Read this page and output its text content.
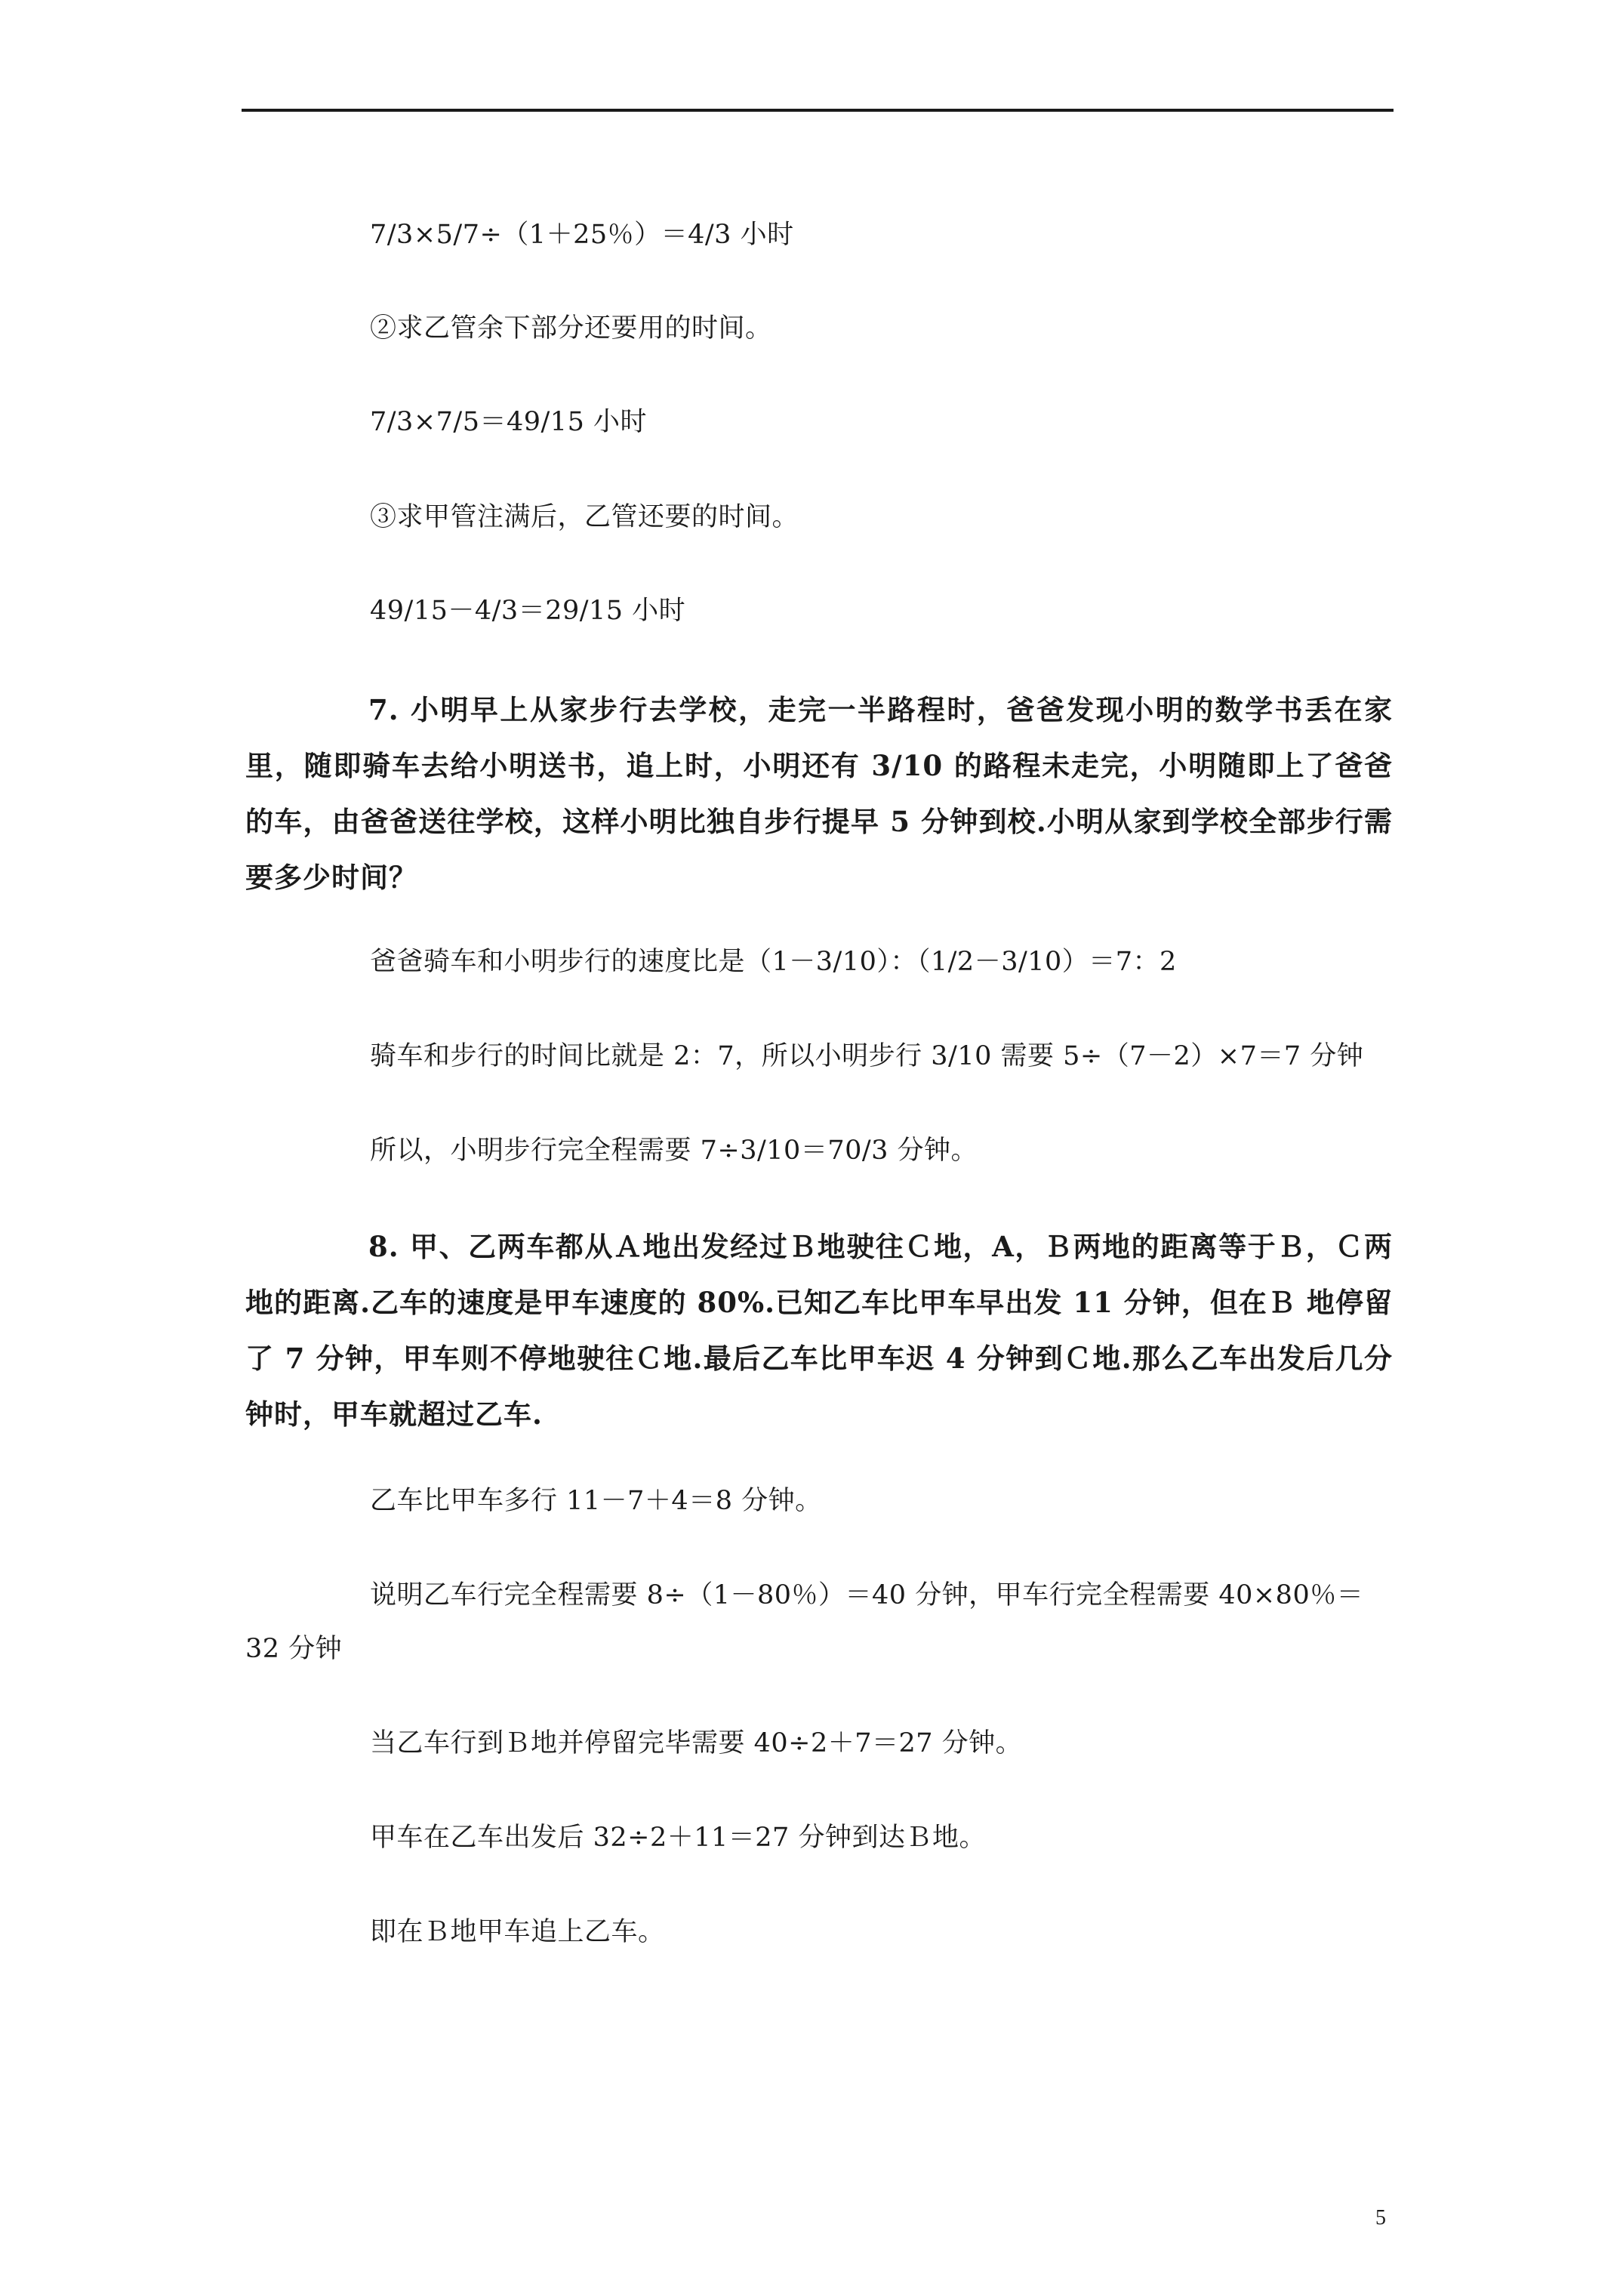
7/3×5/7÷（1＋25％）＝4/3 小时
②求乙管余下部分还要用的时间。
7/3×7/5＝49/15 小时
③求甲管注满后，乙管还要的时间。
49/15－4/3＝29/15 小时
7. 小明早上从家步行去学校，走完一半路程时，爸爸发现小明的数学书丢在家里，随即骑车去给小明送书，追上时，小明还有 3/10 的路程未走完，小明随即上了爸爸的车，由爸爸送往学校，这样小明比独自步行提早 5 分钟到校.小明从家到学校全部步行需要多少时间？
爸爸骑车和小明步行的速度比是（1－3/10）：（1/2－3/10）＝7：2
骑车和步行的时间比就是 2：7，所以小明步行 3/10 需要 5÷（7－2）×7＝7 分钟
所以，小明步行完全程需要 7÷3/10＝70/3 分钟。
8. 甲、乙两车都从Ａ地出发经过Ｂ地驶往Ｃ地，A，Ｂ两地的距离等于Ｂ，Ｃ两地的距离.乙车的速度是甲车速度的 80%.已知乙车比甲车早出发 11 分钟，但在Ｂ 地停留了 7 分钟，甲车则不停地驶往Ｃ地.最后乙车比甲车迟 4 分钟到Ｃ地.那么乙车出发后几分钟时，甲车就超过乙车.
乙车比甲车多行 11－7＋4＝8 分钟。
说明乙车行完全程需要 8÷（1－80％）＝40 分钟，甲车行完全程需要 40×80％＝
32 分钟
当乙车行到Ｂ地并停留完毕需要 40÷2＋7＝27 分钟。
甲车在乙车出发后 32÷2＋11＝27 分钟到达Ｂ地。
即在Ｂ地甲车追上乙车。
5
